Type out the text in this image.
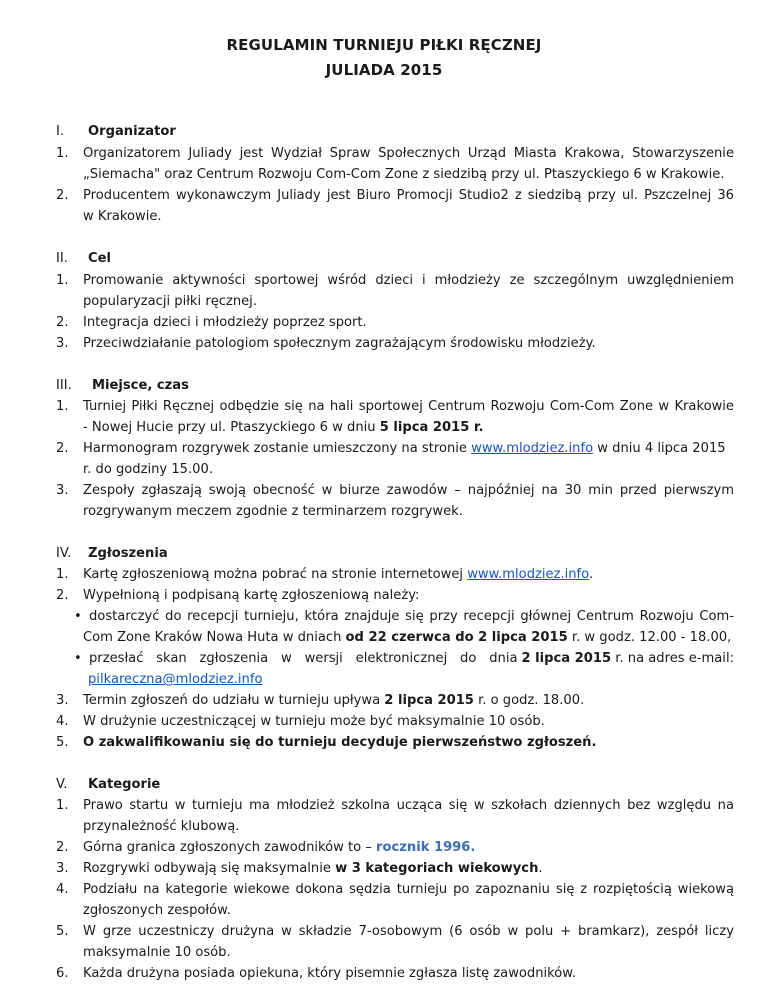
REGULAMIN TURNIEJU PIŁKI RĘCZNEJ
JULIADA 2015
I.	Organizator
1.	Organizatorem Juliady jest Wydział Spraw Społecznych Urząd Miasta Krakowa, Stowarzyszenie
„Siemacha" oraz Centrum Rozwoju Com-Com Zone z siedzibą przy ul. Ptaszyckiego 6 w Krakowie.
2.	Producentem wykonawczym Juliady jest Biuro Promocji Studio2 z siedzibą przy ul. Pszczelnej 36
w Krakowie.
II.	Cel
1.	Promowanie aktywności sportowej wśród dzieci i młodzieży ze szczególnym uwzględnieniem
popularyzacji piłki ręcznej.
2.	Integracja dzieci i młodzieży poprzez sport.
3.	Przeciwdziałanie patologiom społecznym zagrażającym środowisku młodzieży.
III.	Miejsce, czas
1.	Turniej Piłki Ręcznej odbędzie się na hali sportowej Centrum Rozwoju Com-Com Zone w Krakowie
- Nowej Hucie przy ul. Ptaszyckiego 6 w dniu 5 lipca 2015 r.
2.	Harmonogram rozgrywek zostanie umieszczony na stronie www.mlodziez.info w dniu 4 lipca 2015
r. do godziny 15.00.
3.	Zespoły zgłaszają swoją obecność w biurze zawodów – najpóźniej na 30 min przed pierwszym
rozgrywanym meczem zgodnie z terminarzem rozgrywek.
IV.	Zgłoszenia
1.	Kartę zgłoszeniową można pobrać na stronie internetowej www.mlodziez.info.
2.	Wypełnioną i podpisaną kartę zgłoszeniową należy:
• dostarczyć do recepcji turnieju, która znajduje się przy recepcji głównej Centrum Rozwoju Com-
Com Zone Kraków Nowa Huta w dniach od 22 czerwca do 2 lipca 2015 r. w godz. 12.00 - 18.00,
• przesłać skan zgłoszenia w wersji elektronicznej do dnia 2 lipca 2015 r. na adres e-mail:
pilkareczna@mlodziez.info
3.	Termin zgłoszeń do udziału w turnieju upływa 2 lipca 2015 r. o godz. 18.00.
4.	W drużynie uczestniczącej w turnieju może być maksymalnie 10 osób.
5.	O zakwalifikowaniu się do turnieju decyduje pierwszeństwo zgłoszeń.
V.	Kategorie
1.	Prawo startu w turnieju ma młodzież szkolna ucząca się w szkołach dziennych bez względu na
przynależność klubową.
2.	Górna granica zgłoszonych zawodników to – rocznik 1996.
3.	Rozgrywki odbywają się maksymalnie w 3 kategoriach wiekowych.
4.	Podziału na kategorie wiekowe dokona sędzia turnieju po zapoznaniu się z rozpiętością wiekową
zgłoszonych zespołów.
5.	W grze uczestniczy drużyna w składzie 7-osobowym (6 osób w polu + bramkarz), zespół liczy
maksymalnie 10 osób.
6.	Każda drużyna posiada opiekuna, który pisemnie zgłasza listę zawodników.
